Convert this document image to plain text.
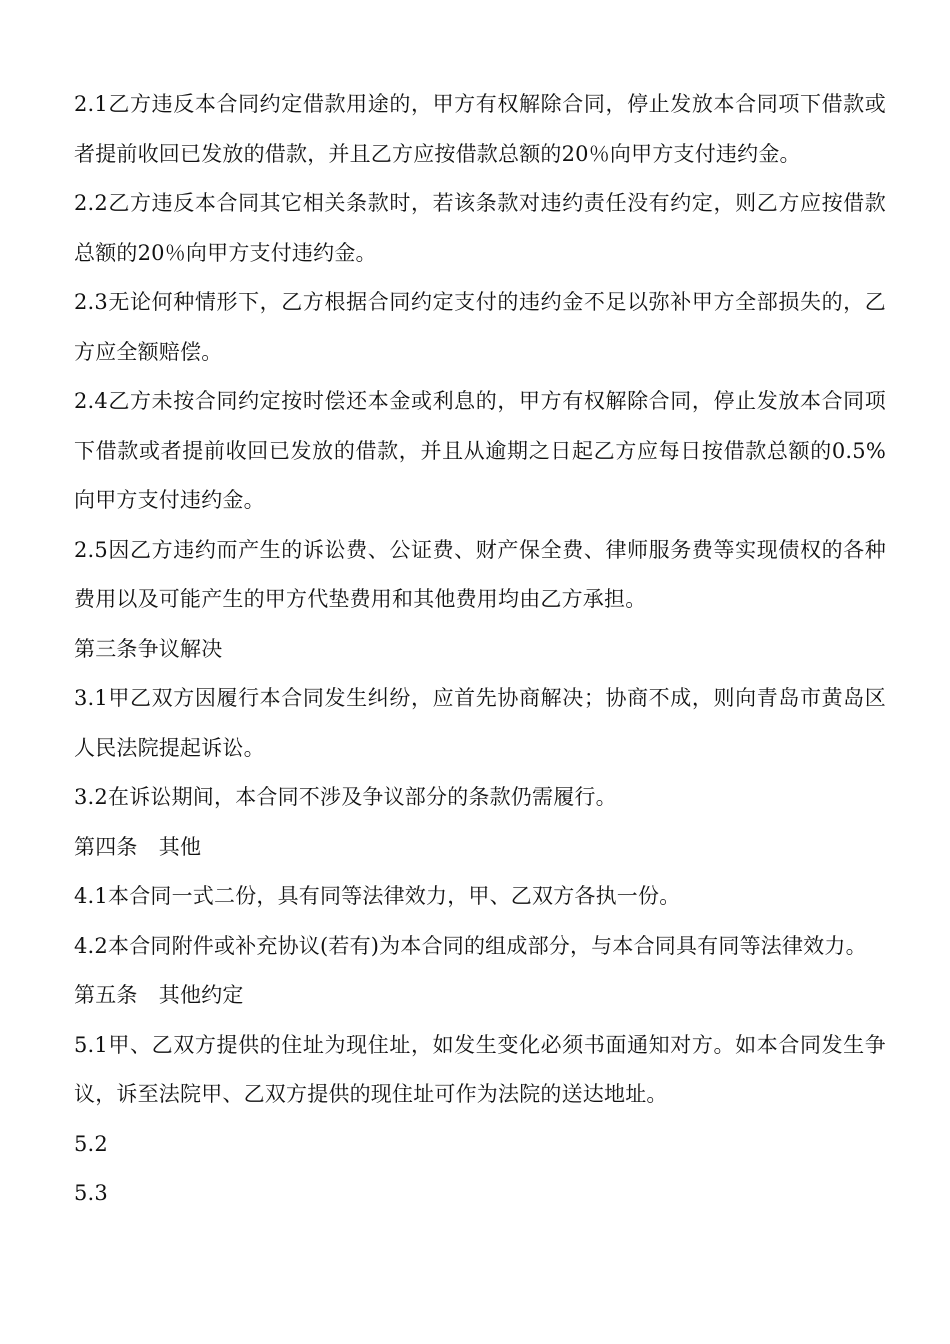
2.1乙方违反本合同约定借款用途的，甲方有权解除合同，停止发放本合同项下借款或者提前收回已发放的借款，并且乙方应按借款总额的20％向甲方支付违约金。

2.2乙方违反本合同其它相关条款时，若该条款对违约责任没有约定，则乙方应按借款总额的20％向甲方支付违约金。

2.3无论何种情形下，乙方根据合同约定支付的违约金不足以弥补甲方全部损失的，乙方应全额赔偿。

2.4乙方未按合同约定按时偿还本金或利息的，甲方有权解除合同，停止发放本合同项下借款或者提前收回已发放的借款，并且从逾期之日起乙方应每日按借款总额的0.5%向甲方支付违约金。

2.5因乙方违约而产生的诉讼费、公证费、财产保全费、律师服务费等实现债权的各种费用以及可能产生的甲方代垫费用和其他费用均由乙方承担。

第三条争议解决

3.1甲乙双方因履行本合同发生纠纷，应首先协商解决；协商不成，则向青岛市黄岛区人民法院提起诉讼。

3.2在诉讼期间，本合同不涉及争议部分的条款仍需履行。

第四条　其他

4.1本合同一式二份，具有同等法律效力，甲、乙双方各执一份。

4.2本合同附件或补充协议(若有)为本合同的组成部分，与本合同具有同等法律效力。

第五条　其他约定

5.1甲、乙双方提供的住址为现住址，如发生变化必须书面通知对方。如本合同发生争议，诉至法院甲、乙双方提供的现住址可作为法院的送达地址。

5.2

5.3
